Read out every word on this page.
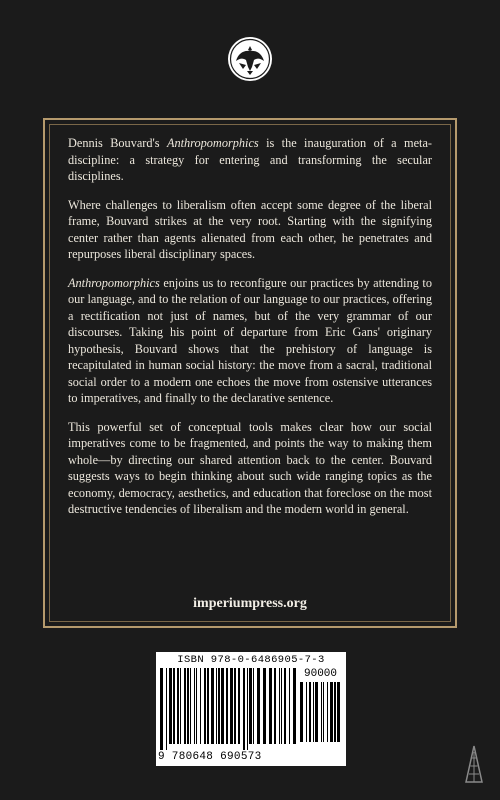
Dennis Bouvard's Anthropomorphics is the inauguration of a meta-discipline: a strategy for entering and transforming the secular disciplines.

Where challenges to liberalism often accept some degree of the liberal frame, Bouvard strikes at the very root. Starting with the signifying center rather than agents alienated from each other, he penetrates and repurposes liberal disciplinary spaces.

Anthropomorphics enjoins us to reconfigure our practices by attending to our language, and to the relation of our language to our practices, offering a rectification not just of names, but of the very grammar of our discourses. Taking his point of departure from Eric Gans' originary hypothesis, Bouvard shows that the prehistory of language is recapitulated in human social history: the move from a sacral, traditional social order to a modern one echoes the move from ostensive utterances to imperatives, and finally to the declarative sentence.

This powerful set of conceptual tools makes clear how our social imperatives come to be fragmented, and points the way to making them whole—by directing our shared attention back to the center. Bouvard suggests ways to begin thinking about such wide ranging topics as the economy, democracy, aesthetics, and education that foreclose on the most destructive tendencies of liberalism and the modern world in general.

imperiumpress.org
ISBN 978-0-6486905-7-3
90000
9 780648 690573
